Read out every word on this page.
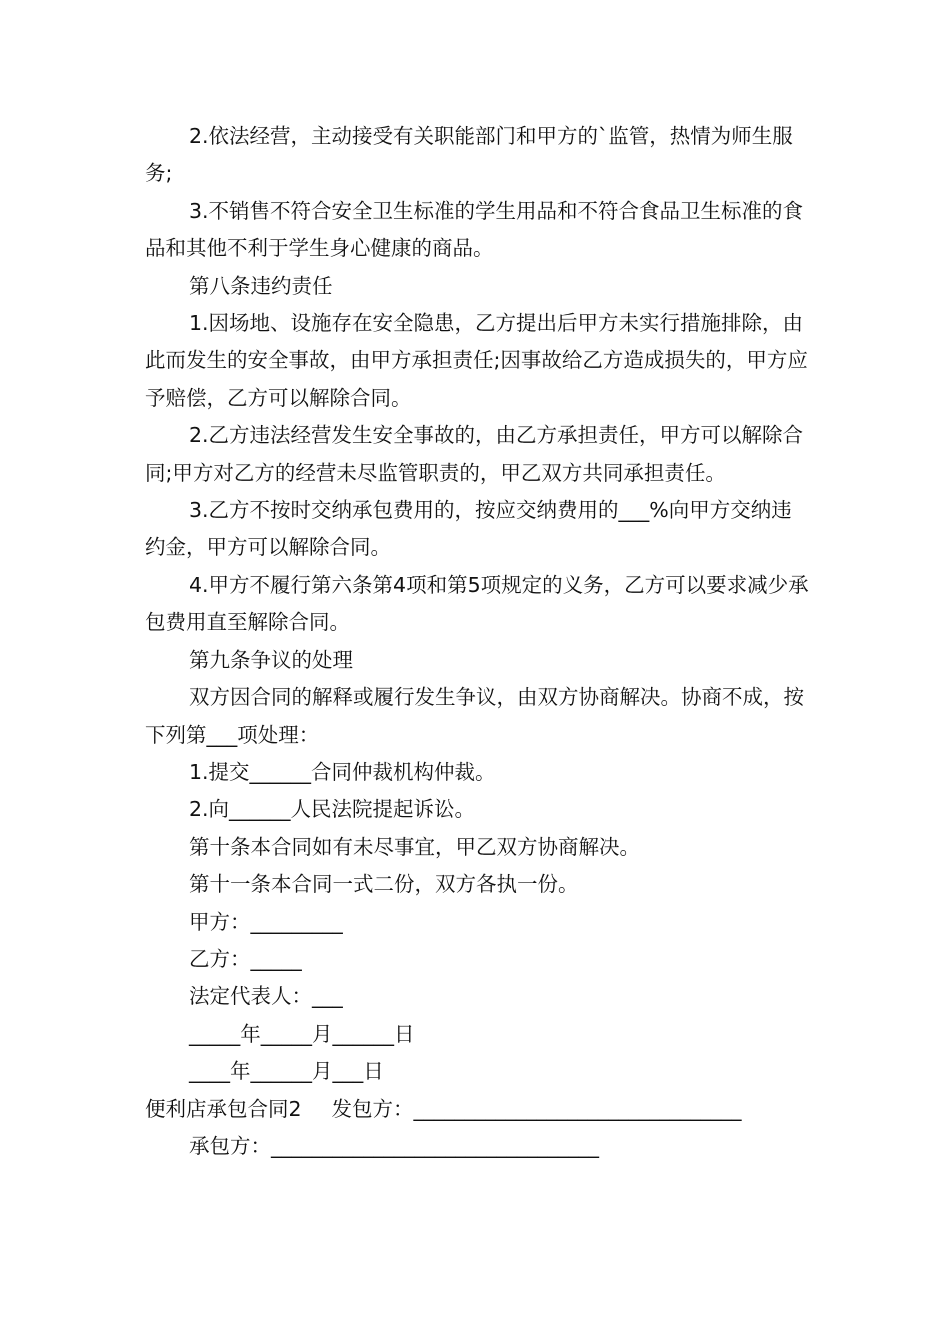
2.依法经营，主动接受有关职能部门和甲方的`监管，热情为师生服务;

3.不销售不符合安全卫生标准的学生用品和不符合食品卫生标准的食品和其他不利于学生身心健康的商品。

第八条违约责任

1.因场地、设施存在安全隐患，乙方提出后甲方未实行措施排除，由此而发生的安全事故，由甲方承担责任;因事故给乙方造成损失的，甲方应予赔偿，乙方可以解除合同。

2.乙方违法经营发生安全事故的，由乙方承担责任，甲方可以解除合同;甲方对乙方的经营未尽监管职责的，甲乙双方共同承担责任。

3.乙方不按时交纳承包费用的，按应交纳费用的___%向甲方交纳违约金，甲方可以解除合同。

4.甲方不履行第六条第4项和第5项规定的义务，乙方可以要求减少承包费用直至解除合同。

第九条争议的处理

双方因合同的解释或履行发生争议，由双方协商解决。协商不成，按下列第___项处理：

1.提交______合同仲裁机构仲裁。

2.向______人民法院提起诉讼。

第十条本合同如有未尽事宜，甲乙双方协商解决。

第十一条本合同一式二份，双方各执一份。

甲方：_________

乙方：_____

法定代表人：___

_____年_____月______日

____年______月___日

便利店承包合同2 发包方：________________________________

承包方：________________________________
